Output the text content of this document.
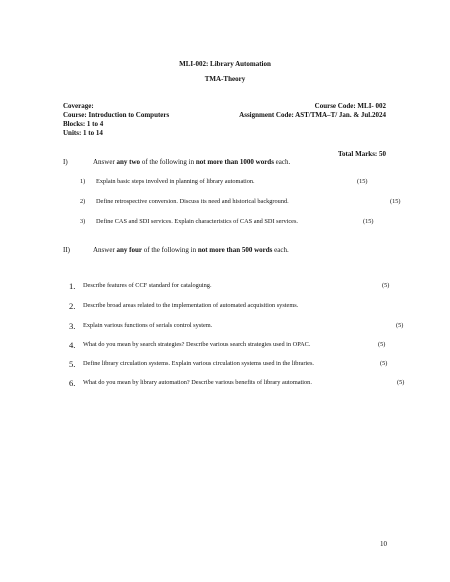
MLI-002: Library Automation
TMA-Theory
Coverage:	Course Code: MLI- 002
Course: Introduction to Computers	Assignment Code: AST/TMA–T/ Jan. & Jul.2024
Blocks: 1 to 4
Units: 1 to 14
Total Marks: 50
I)	Answer any two of the following in not more than 1000 words each.
1) Explain basic steps involved in planning of library automation.	(15)
2) Define retrospective conversion. Discuss its need and historical background.	(15)
3) Define CAS and SDI services. Explain characteristics of CAS and SDI services.	(15)
II)	Answer any four of the following in not more than 500 words each.
1. Describe features of CCF standard for cataloguing.	(5)
2. Describe broad areas related to the implementation of automated acquisition systems.
3. Explain various functions of serials control system.	(5)
4. What do you mean by search strategies? Describe various search strategies used in OPAC.	(5)
5. Define library circulation systems. Explain various circulation systems used in the libraries.	(5)
6. What do you mean by library automation? Describe various benefits of library automation.	(5)
10
